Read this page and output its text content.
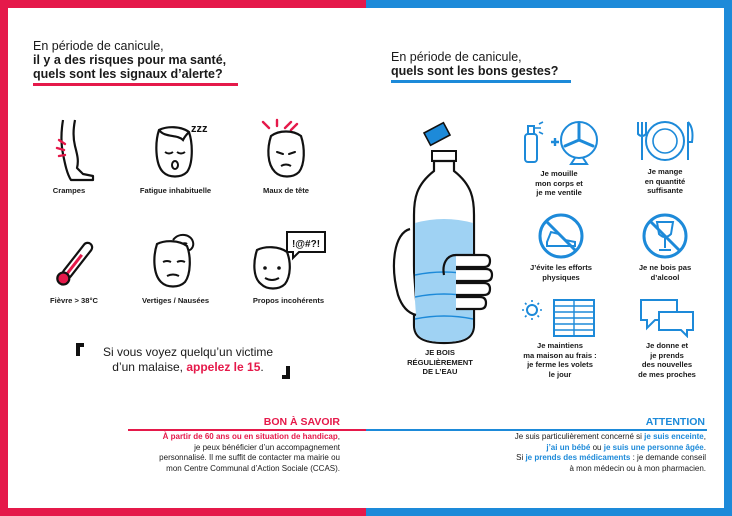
En période de canicule,
il y a des risques pour ma santé,
quels sont les signaux d’alerte?
Crampes
zzz
Fatigue inhabituelle	Maux de tête
Fièvre > 38°C	Vertiges / Nausées
!@#?!
Propos incohérents
Si vous voyez quelqu’un victime
d’un malaise, appelez le 15.
BON À SAVOIR
À partir de 60 ans ou en situation de handicap,
je peux bénéficier d’un accompagnement
personnalisé. Il me suffit de contacter ma mairie ou
mon Centre Communal d’Action Sociale (CCAS).
En période de canicule,
quels sont les bons gestes?
JE BOIS
RÉGULIÈREMENT
DE L’EAU
Je mouille
mon corps et
je me ventile
Je mange
en quantité
suffisante
J’évite les efforts
physiques
Je ne bois pas
d’alcool
Je maintiens
ma maison au frais :
je ferme les volets
le jour
Je donne et
je prends
des nouvelles
de mes proches
ATTENTION
Je suis particulièrement concerné si je suis enceinte,
j’ai un bébé ou je suis une personne âgée.
Si je prends des médicaments : je demande conseil
à mon médecin ou à mon pharmacien.
